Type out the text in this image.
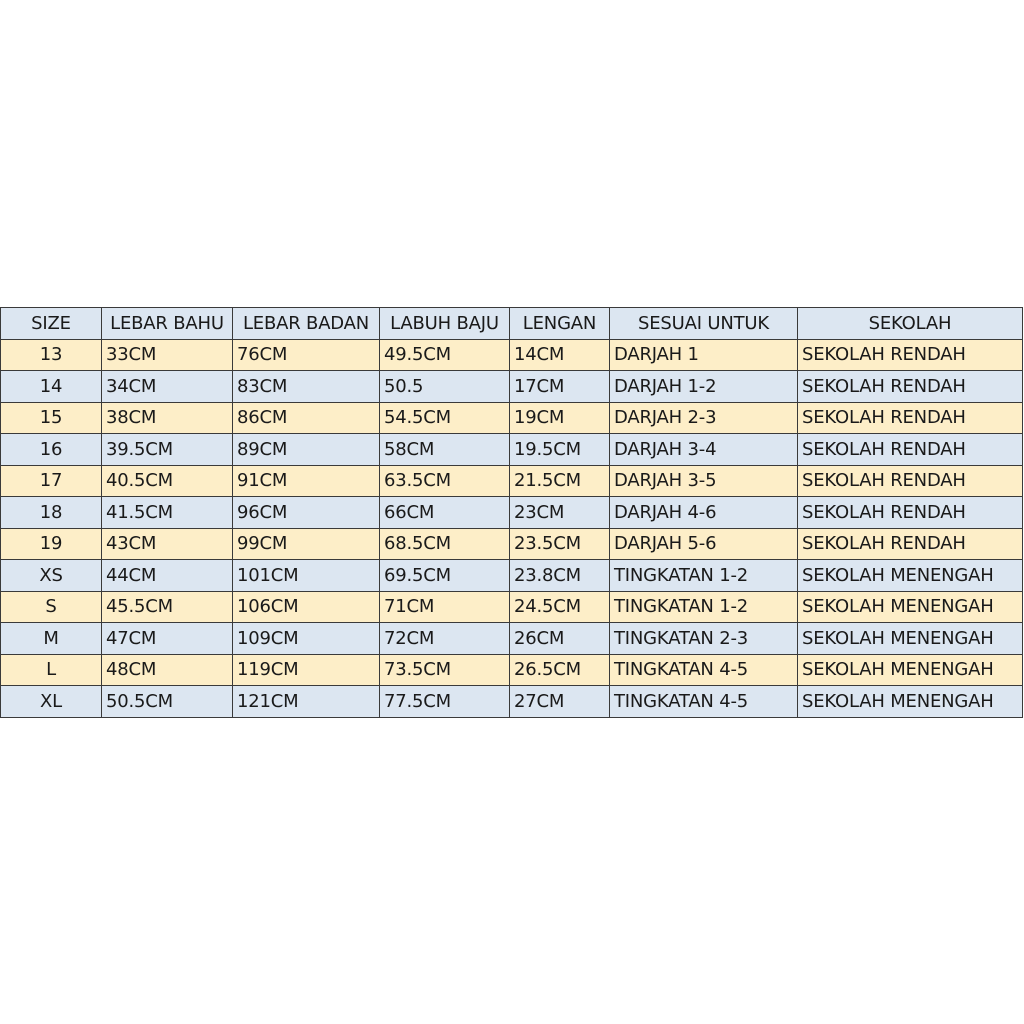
SIZE	LEBAR BAHU	LEBAR BADAN	LABUH BAJU	LENGAN	SESUAI UNTUK	SEKOLAH
13	33CM	76CM	49.5CM	14CM	DARJAH 1	SEKOLAH RENDAH
14	34CM	83CM	50.5	17CM	DARJAH 1-2	SEKOLAH RENDAH
15	38CM	86CM	54.5CM	19CM	DARJAH 2-3	SEKOLAH RENDAH
16	39.5CM	89CM	58CM	19.5CM	DARJAH 3-4	SEKOLAH RENDAH
17	40.5CM	91CM	63.5CM	21.5CM	DARJAH 3-5	SEKOLAH RENDAH
18	41.5CM	96CM	66CM	23CM	DARJAH 4-6	SEKOLAH RENDAH
19	43CM	99CM	68.5CM	23.5CM	DARJAH 5-6	SEKOLAH RENDAH
XS	44CM	101CM	69.5CM	23.8CM	TINGKATAN 1-2	SEKOLAH MENENGAH
S	45.5CM	106CM	71CM	24.5CM	TINGKATAN 1-2	SEKOLAH MENENGAH
M	47CM	109CM	72CM	26CM	TINGKATAN 2-3	SEKOLAH MENENGAH
L	48CM	119CM	73.5CM	26.5CM	TINGKATAN 4-5	SEKOLAH MENENGAH
XL	50.5CM	121CM	77.5CM	27CM	TINGKATAN 4-5	SEKOLAH MENENGAH
